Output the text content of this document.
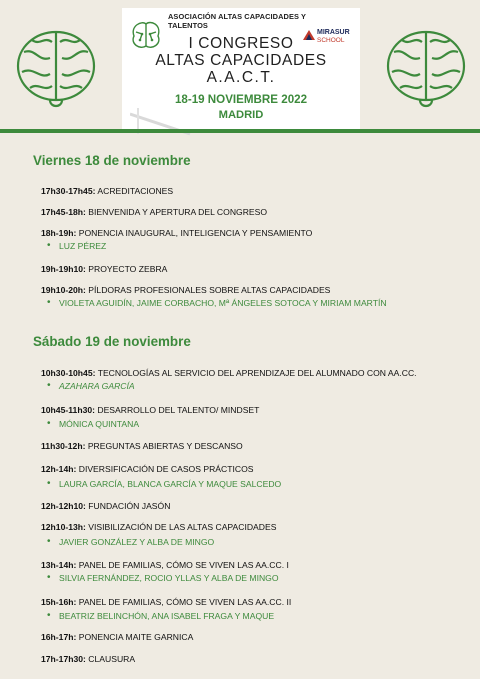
ASOCIACIÓN ALTAS CAPACIDADES Y TALENTOS
MIRASUR
SCHOOL
I CONGRESO
ALTAS CAPACIDADES
A.A.C.T.
18-19 NOVIEMBRE 2022
MADRID
Viernes 18 de noviembre
17h30-17h45: ACREDITACIONES
17h45-18h: BIENVENIDA Y APERTURA DEL CONGRESO
18h-19h: PONENCIA INAUGURAL, INTELIGENCIA Y PENSAMIENTO
• LUZ PÉREZ
19h-19h10: PROYECTO ZEBRA
19h10-20h: PÍLDORAS PROFESIONALES SOBRE ALTAS CAPACIDADES
• VIOLETA AGUIDÍN, JAIME CORBACHO, Mª ÁNGELES SOTOCA Y MIRIAM MARTÍN
Sábado 19 de noviembre
10h30-10h45: TECNOLOGÍAS AL SERVICIO DEL APRENDIZAJE DEL ALUMNADO CON AA.CC.
• AZAHARA GARCÍA
10h45-11h30: DESARROLLO DEL TALENTO/ MINDSET
• MÓNICA QUINTANA
11h30-12h: PREGUNTAS ABIERTAS Y DESCANSO
12h-14h: DIVERSIFICACIÓN DE CASOS PRÁCTICOS
• LAURA GARCÍA, BLANCA GARCÍA Y MAQUE SALCEDO
12h-12h10: FUNDACIÓN JASÓN
12h10-13h: VISIBILIZACIÓN DE LAS ALTAS CAPACIDADES
• JAVIER GONZÁLEZ Y ALBA DE MINGO
13h-14h: PANEL DE FAMILIAS, CÓMO SE VIVEN LAS AA.CC. I
• SILVIA FERNÁNDEZ, ROCIO YLLAS Y ALBA DE MINGO
15h-16h: PANEL DE FAMILIAS, CÓMO SE VIVEN LAS AA.CC. II
• BEATRIZ BELINCHÓN, ANA ISABEL FRAGA Y MAQUE
16h-17h: PONENCIA MAITE GARNICA
17h-17h30: CLAUSURA
